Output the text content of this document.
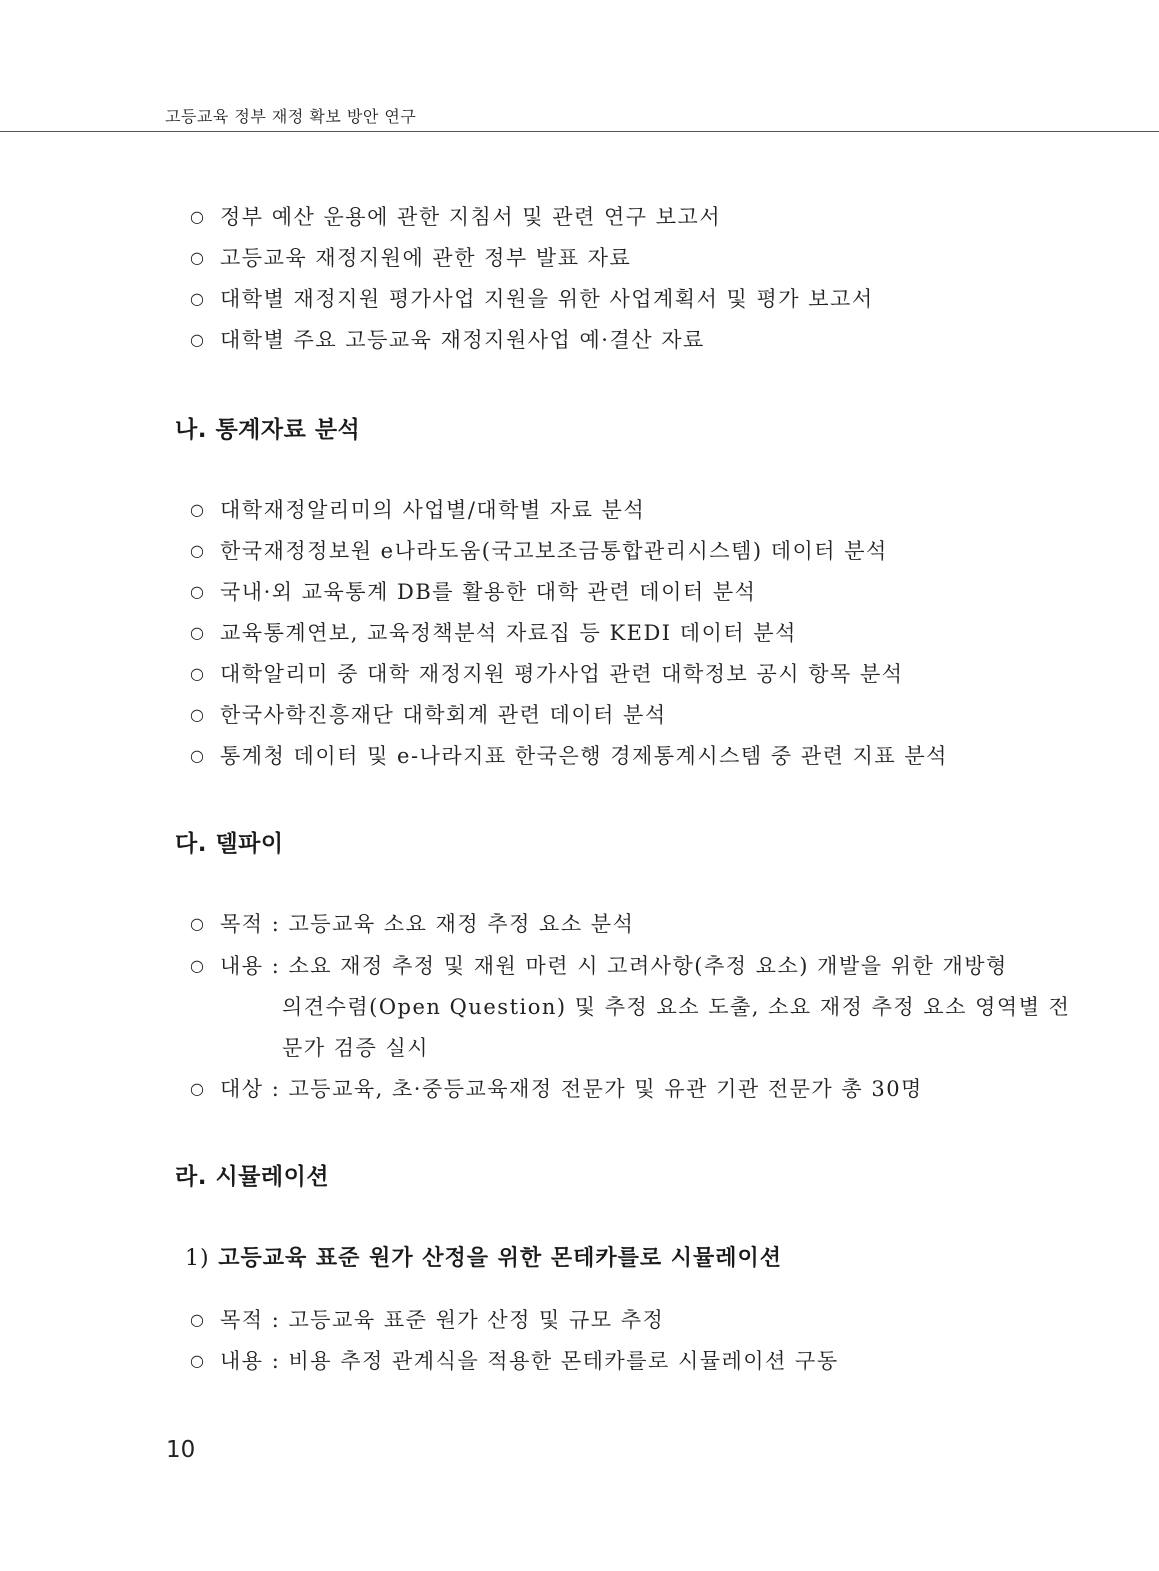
고등교육 정부 재정 확보 방안 연구
○ 정부 예산 운용에 관한 지침서 및 관련 연구 보고서
○ 고등교육 재정지원에 관한 정부 발표 자료
○ 대학별 재정지원 평가사업 지원을 위한 사업계획서 및 평가 보고서
○ 대학별 주요 고등교육 재정지원사업 예·결산 자료
나. 통계자료 분석
○ 대학재정알리미의 사업별/대학별 자료 분석
○ 한국재정정보원 e나라도움(국고보조금통합관리시스템) 데이터 분석
○ 국내·외 교육통계 DB를 활용한 대학 관련 데이터 분석
○ 교육통계연보, 교육정책분석 자료집 등 KEDI 데이터 분석
○ 대학알리미 중 대학 재정지원 평가사업 관련 대학정보 공시 항목 분석
○ 한국사학진흥재단 대학회계 관련 데이터 분석
○ 통계청 데이터 및 e-나라지표 한국은행 경제통계시스템 중 관련 지표 분석
다. 델파이
○ 목적 : 고등교육 소요 재정 추정 요소 분석
○ 내용 : 소요 재정 추정 및 재원 마련 시 고려사항(추정 요소) 개발을 위한 개방형
의견수렴(Open Question) 및 추정 요소 도출, 소요 재정 추정 요소 영역별 전
문가 검증 실시
○ 대상 : 고등교육, 초·중등교육재정 전문가 및 유관 기관 전문가 총 30명
라. 시뮬레이션
1) 고등교육 표준 원가 산정을 위한 몬테카를로 시뮬레이션
○ 목적 : 고등교육 표준 원가 산정 및 규모 추정
○ 내용 : 비용 추정 관계식을 적용한 몬테카를로 시뮬레이션 구동
10
